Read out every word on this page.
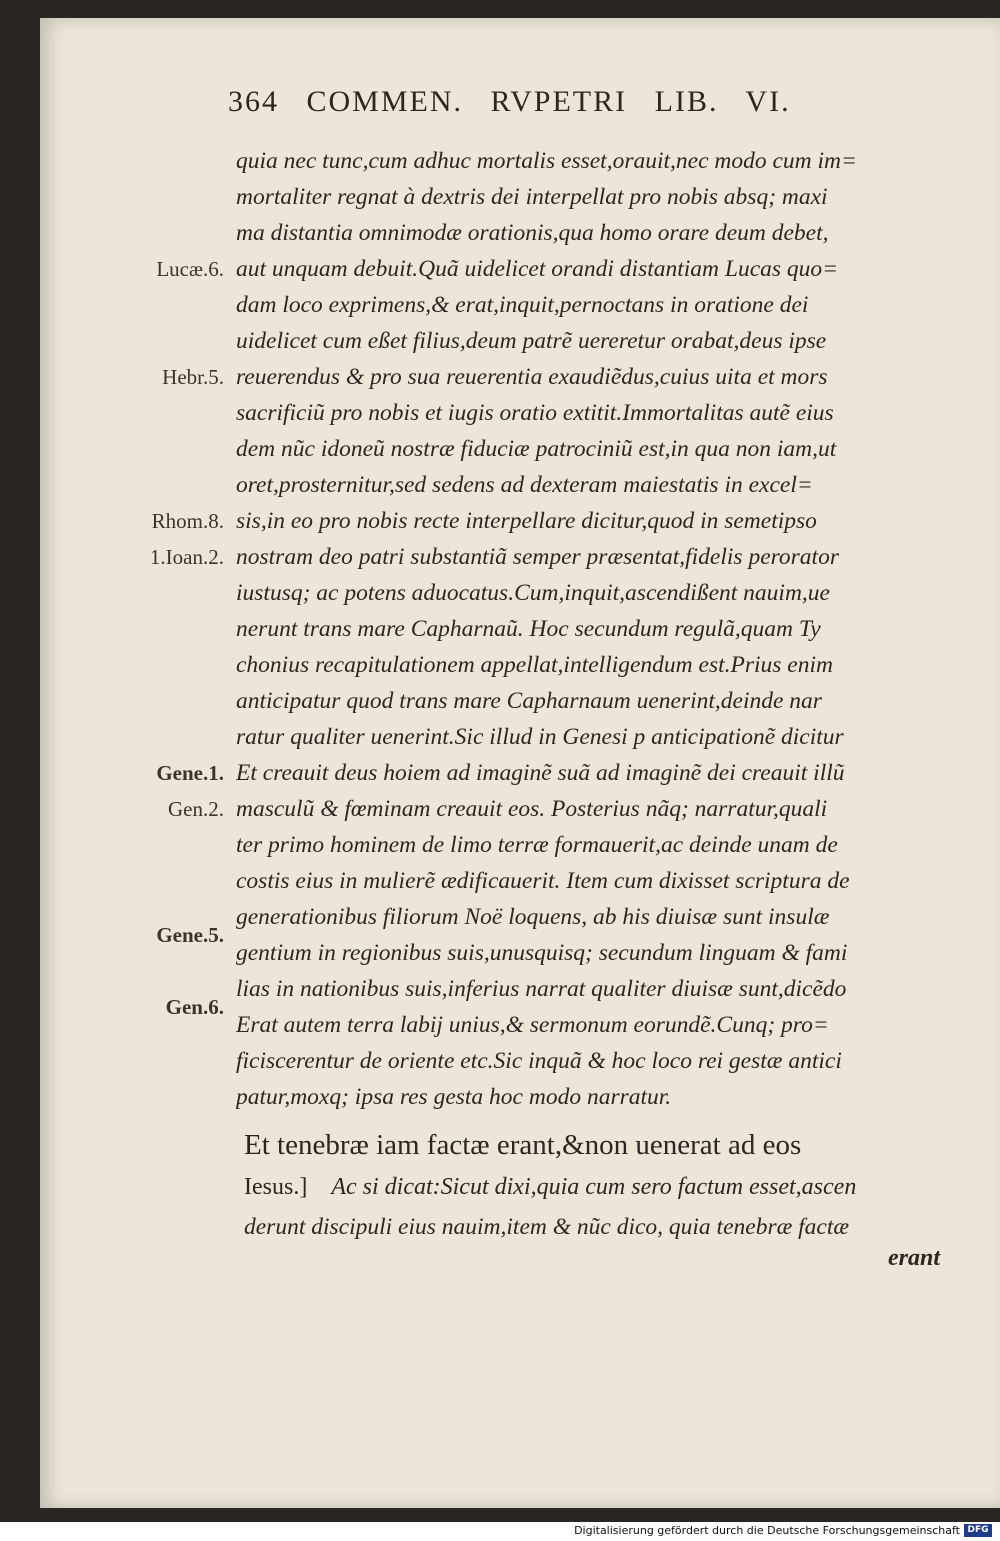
364 COMMEN. RVPETRI LIB. VI.
quia nec tunc,cum adhuc mortalis esset,orauit,nec modo cum im=
mortaliter regnat à dextris dei interpellat pro nobis absq; maxi
ma distantia omnimodæ orationis,qua homo orare deum debet,
aut unquam debuit.Quã uidelicet orandi distantiam Lucas quo=
dam loco exprimens,& erat,inquit,pernoctans in oratione dei
uidelicet cum eßet filius,deum patrẽ uereretur orabat,deus ipse
reuerendus & pro sua reuerentia exaudiẽdus,cuius uita et mors
sacrificiũ pro nobis et iugis oratio extitit.Immortalitas autẽ eius
dem nũc idoneũ nostræ fiduciæ patrociniũ est,in qua non iam,ut
oret,prosternitur,sed sedens ad dexteram maiestatis in excel=
sis,in eo pro nobis recte interpellare dicitur,quod in semetipso
nostram deo patri substantiã semper præsentat,fidelis perorator
iustusq; ac potens aduocatus.Cum,inquit,ascendißent nauim,ue
nerunt trans mare Capharnaũ. Hoc secundum regulã,quam Ty
chonius recapitulationem appellat,intelligendum est.Prius enim
anticipatur quod trans mare Capharnaum uenerint,deinde nar
ratur qualiter uenerint.Sic illud in Genesi p anticipationẽ dicitur
Et creauit deus hoiem ad imaginẽ suã ad imaginẽ dei creauit illũ
masculũ & fœminam creauit eos. Posterius nãq; narratur,quali
ter primo hominem de limo terræ formauerit,ac deinde unam de
costis eius in mulierẽ ædificauerit. Item cum dixisset scriptura de
generationibus filiorum Noë loquens, ab his diuisæ sunt insulæ
gentium in regionibus suis,unusquisq; secundum linguam & fami
lias in nationibus suis,inferius narrat qualiter diuisæ sunt,dicẽdo
Erat autem terra labij unius,& sermonum eorundẽ.Cunq; pro=
ficiscerentur de oriente etc.Sic inquã & hoc loco rei gestæ antici
patur,moxq; ipsa res gesta hoc modo narratur.
Lucæ.6.
Hebr.5.
Rhom.8.
1.Ioan.2.
Gene.1.
Gen.2.
Gene.5.
Gen.6.
Et tenebræ iam factæ erant,&non uenerat ad eos
Iesus.] Ac si dicat:Sicut dixi,quia cum sero factum esset,ascen
derunt discipuli eius nauim,item & nũc dico, quia tenebræ factæ
erant
Digitalisierung gefördert durch die Deutsche Forschungsgemeinschaft DFG
